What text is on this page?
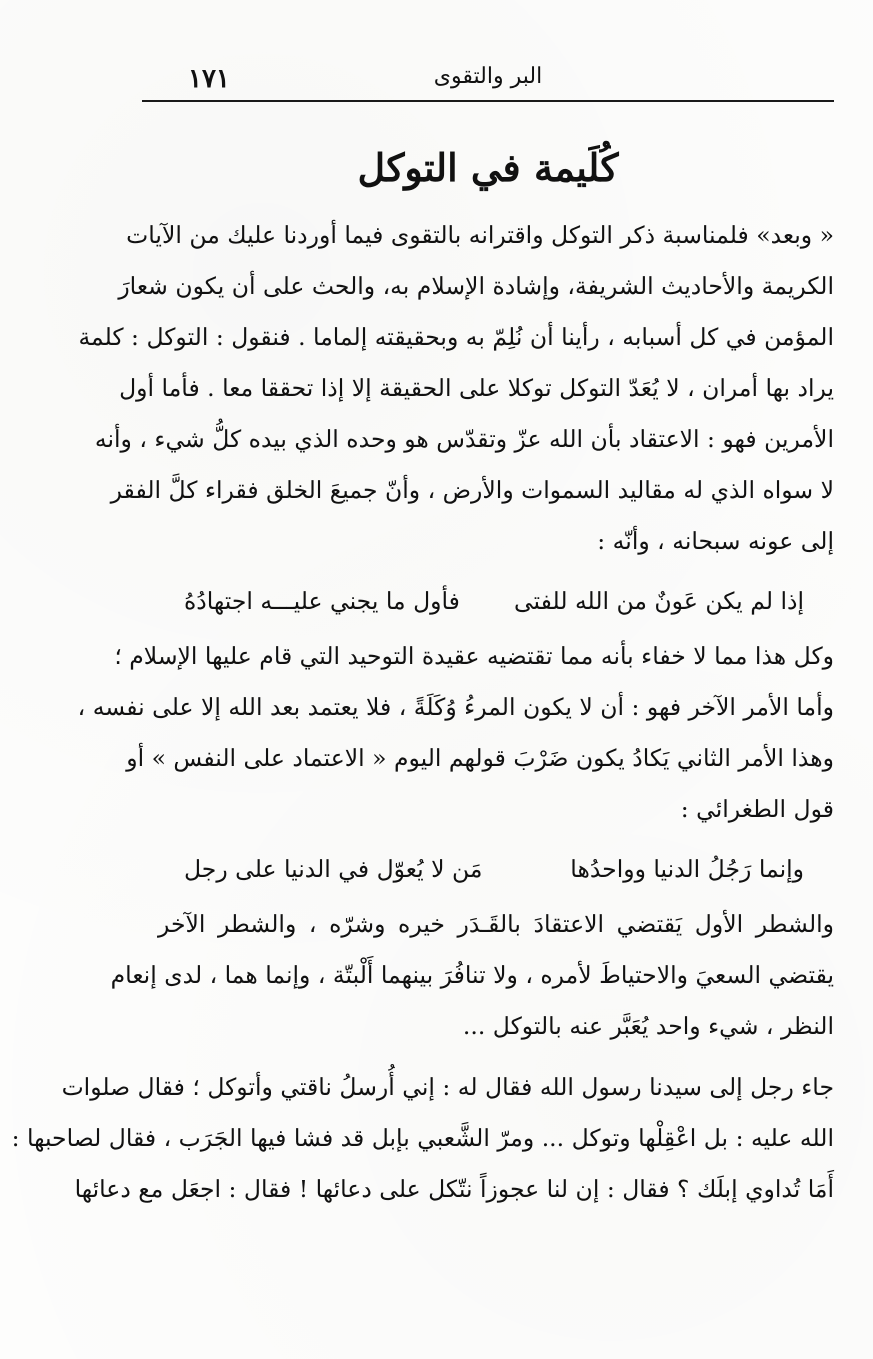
١٧١	البر والتقوى
كُلَيمة في التوكل
« وبعد» فلمناسبة ذكر التوكل واقترانه بالتقوى فيما أوردنا عليك من الآيات
الكريمة والأحاديث الشريفة، وإشادة الإسلام به، والحث على أن يكون شعارَ
المؤمن في كل أسبابه ، رأينا أن نُلِمّ به وبحقيقته إلماما . فنقول : التوكل : كلمة
يراد بها أمران ، لا يُعَدّ التوكل توكلا على الحقيقة إلا إذا تحققا معا . فأما أول
الأمرين فهو : الاعتقاد بأن الله عزّ وتقدّس هو وحده الذي بيده كلُّ شيء ، وأنه
لا سواه الذي له مقاليد السموات والأرض ، وأنّ جميعَ الخلق فقراء كلَّ الفقر
إلى عونه سبحانه ، وأنّه :
إذا لم يكن عَونٌ من الله للفتى
فأول ما يجني عليـــه اجتهادُهُ
وكل هذا مما لا خفاء بأنه مما تقتضيه عقيدة التوحيد التي قام عليها الإسلام ؛
وأما الأمر الآخر فهو : أن لا يكون المرءُ وُكَلَةً ، فلا يعتمد بعد الله إلا على نفسه ،
وهذا الأمر الثاني يَكادُ يكون ضَرْبَ قولهم اليوم « الاعتماد على النفس » أو
قول الطغرائي :
وإنما رَجُلُ الدنيا وواحدُها
مَن لا يُعوّل في الدنيا على رجل
والشطر الأول يَقتضي الاعتقادَ بالقَـدَر خيره وشرّه ، والشطر الآخر
يقتضي السعيَ والاحتياطَ لأمره ، ولا تنافُرَ بينهما أَلْبتّة ، وإنما هما ، لدى إنعام
النظر ، شيء واحد يُعَبَّر عنه بالتوكل ...
جاء رجل إلى سيدنا رسول الله فقال له : إني أُرسلُ ناقتي وأتوكل ؛ فقال صلوات
الله عليه : بل اعْقِلْها وتوكل ... ومرّ الشَّعبي بإبل قد فشا فيها الجَرَب ، فقال لصاحبها :
أَمَا تُداوي إبلَك ؟ فقال : إن لنا عجوزاً نتّكل على دعائها ! فقال : اجعَل مع دعائها
